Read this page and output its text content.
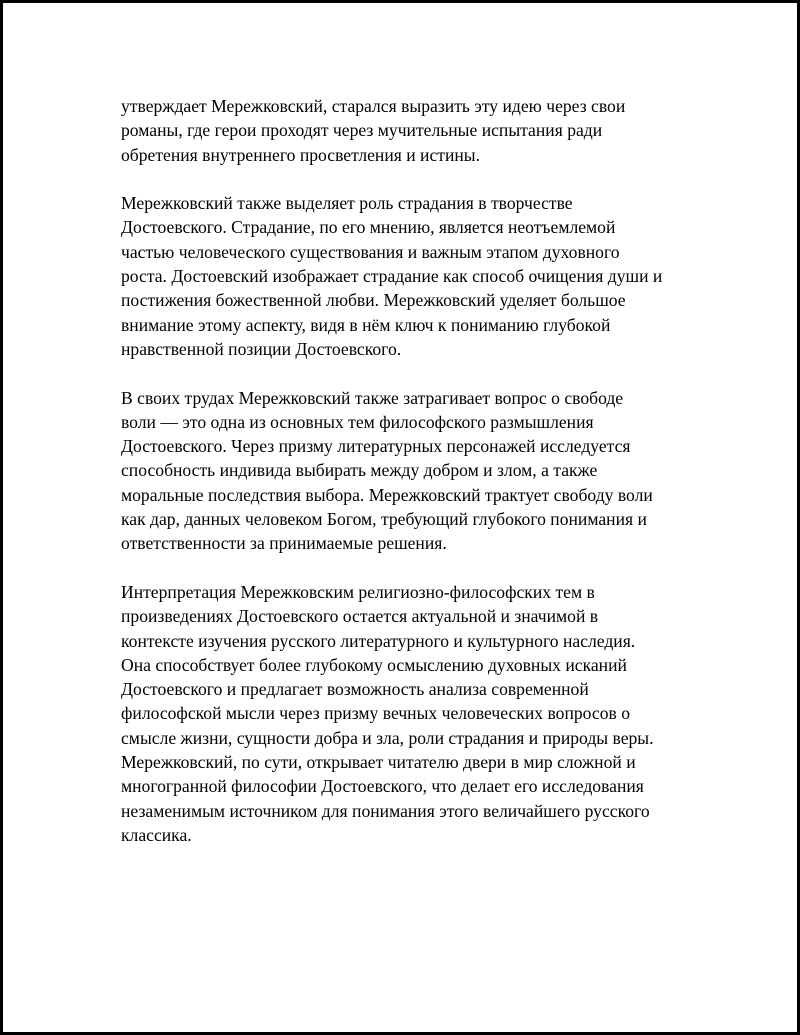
утверждает Мережковский, старался выразить эту идею через свои
романы, где герои проходят через мучительные испытания ради
обретения внутреннего просветления и истины.

Мережковский также выделяет роль страдания в творчестве
Достоевского. Страдание, по его мнению, является неотъемлемой
частью человеческого существования и важным этапом духовного
роста. Достоевский изображает страдание как способ очищения души и
постижения божественной любви. Мережковский уделяет большое
внимание этому аспекту, видя в нём ключ к пониманию глубокой
нравственной позиции Достоевского.

В своих трудах Мережковский также затрагивает вопрос о свободе
воли — это одна из основных тем философского размышления
Достоевского. Через призму литературных персонажей исследуется
способность индивида выбирать между добром и злом, а также
моральные последствия выбора. Мережковский трактует свободу воли
как дар, данных человеком Богом, требующий глубокого понимания и
ответственности за принимаемые решения.

Интерпретация Мережковским религиозно-философских тем в
произведениях Достоевского остается актуальной и значимой в
контексте изучения русского литературного и культурного наследия.
Она способствует более глубокому осмыслению духовных исканий
Достоевского и предлагает возможность анализа современной
философской мысли через призму вечных человеческих вопросов о
смысле жизни, сущности добра и зла, роли страдания и природы веры.
Мережковский, по сути, открывает читателю двери в мир сложной и
многогранной философии Достоевского, что делает его исследования
незаменимым источником для понимания этого величайшего русского
классика.
